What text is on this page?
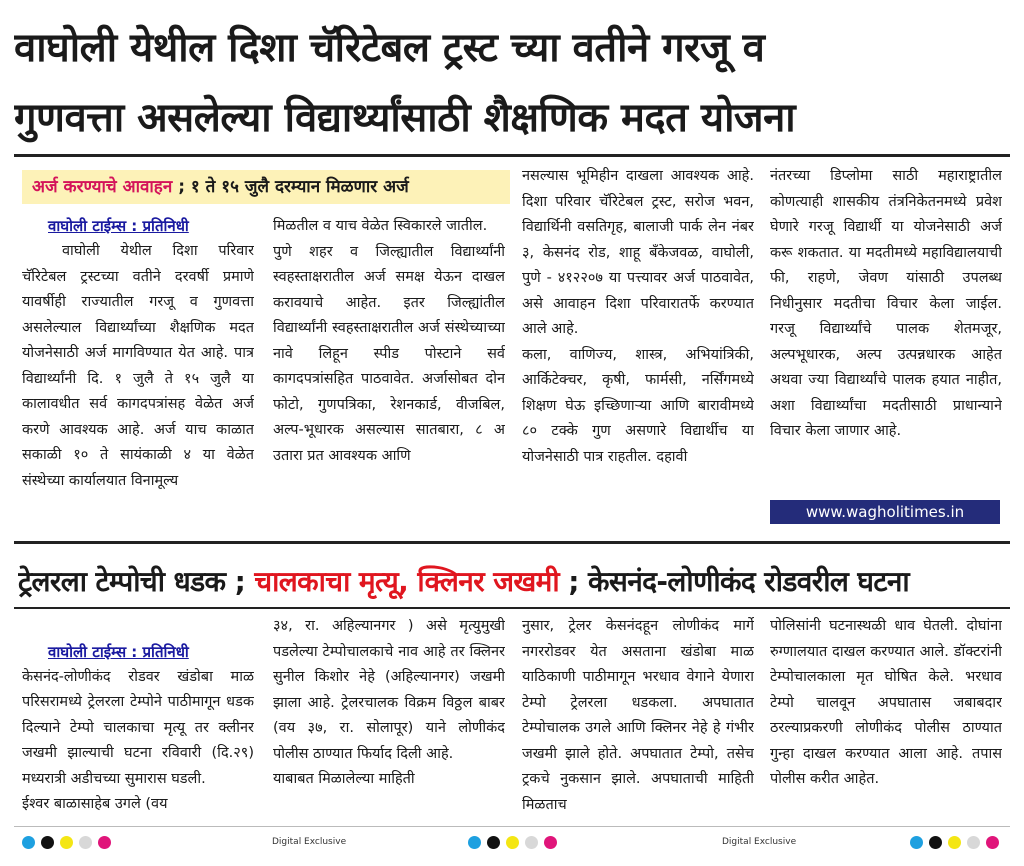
वाघोली येथील दिशा चॅरिटेबल ट्रस्ट च्या वतीने गरजू व
गुणवत्ता असलेल्या विद्यार्थ्यांसाठी शैक्षणिक मदत योजना
अर्ज करण्याचे आवाहन ; १ ते १५ जुलै दरम्यान मिळणार अर्ज
वाघोली टाईम्स : प्रतिनिधी
वाघोली येथील दिशा परिवार चॅरिटेबल ट्रस्टच्या वतीने दरवर्षी प्रमाणे यावर्षीही राज्यातील गरजू व गुणवत्ता असलेल्याल विद्यार्थ्यांच्या शैक्षणिक मदत योजनेसाठी अर्ज मागविण्यात येत आहे. पात्र विद्यार्थ्यांनी दि. १ जुलै ते १५ जुलै या कालावधीत सर्व कागदपत्रांसह वेळेत अर्ज करणे आवश्यक आहे. अर्ज याच काळात सकाळी १० ते सायंकाळी ४ या वेळेत संस्थेच्या कार्यालयात विनामूल्य
मिळतील व याच वेळेत स्विकारले जातील.
पुणे शहर व जिल्ह्यातील विद्यार्थ्यांनी स्वहस्ताक्षरातील अर्ज समक्ष येऊन दाखल करावयाचे आहेत. इतर जिल्ह्यांतील विद्यार्थ्यांनी स्वहस्ताक्षरातील अर्ज संस्थेच्याच्या नावे लिहून स्पीड पोस्टाने सर्व कागदपत्रांसहित पाठवावेत. अर्जासोबत दोन फोटो, गुणपत्रिका, रेशनकार्ड, वीजबिल, अल्प-भूधारक असल्यास सातबारा, ८ अ उतारा प्रत आवश्यक आणि
नसल्यास भूमिहीन दाखला आवश्यक आहे. दिशा परिवार चॅरिटेबल ट्रस्ट, सरोज भवन, विद्यार्थिनी वसतिगृह, बालाजी पार्क लेन नंबर ३, केसनंद रोड, शाहू बँकेजवळ, वाघोली, पुणे - ४१२२०७ या पत्त्यावर अर्ज पाठवावेत, असे आवाहन दिशा परिवारातर्फे करण्यात आले आहे.
कला, वाणिज्य, शास्त्र, अभियांत्रिकी, आर्किटेक्चर, कृषी, फार्मसी, नर्सिंगमध्ये शिक्षण घेऊ इच्छिणाऱ्या आणि बारावीमध्ये ८० टक्के गुण असणारे विद्यार्थीच या योजनेसाठी पात्र राहतील. दहावी
नंतरच्या डिप्लोमा साठी महाराष्ट्रातील कोणत्याही शासकीय तंत्रनिकेतनमध्ये प्रवेश घेणारे गरजू विद्यार्थी या योजनेसाठी अर्ज करू शकतात. या मदतीमध्ये महाविद्यालयाची फी, राहणे, जेवण यांसाठी उपलब्ध निधीनुसार मदतीचा विचार केला जाईल. गरजू विद्यार्थ्यांचे पालक शेतमजूर, अल्पभूधारक, अल्प उत्पन्नधारक आहेत अथवा ज्या विद्यार्थ्यांचे पालक हयात नाहीत, अशा विद्यार्थ्यांचा मदतीसाठी प्राधान्याने विचार केला जाणार आहे.
www.wagholitimes.in
ट्रेलरला टेम्पोची धडक ; चालकाचा मृत्यू, क्लिनर जखमी ; केसनंद-लोणीकंद रोडवरील घटना

वाघोली टाईम्स : प्रतिनिधी
केसनंद-लोणीकंद रोडवर खंडोबा माळ परिसरामध्ये ट्रेलरला टेम्पोने पाठीमागून धडक दिल्याने टेम्पो चालकाचा मृत्यू तर क्लीनर जखमी झाल्याची घटना रविवारी (दि.२९) मध्यरात्री अडीचच्या सुमारास घडली.
ईश्वर बाळासाहेब उगले (वय

३४, रा. अहिल्यानगर ) असे मृत्युमुखी पडलेल्या टेम्पोचालकाचे नाव आहे तर क्लिनर सुनील किशोर नेहे (अहिल्यानगर) जखमी झाला आहे. ट्रेलरचालक विक्रम विठ्ठल बाबर (वय ३७, रा. सोलापूर) याने लोणीकंद पोलीस ठाण्यात फिर्याद दिली आहे.
याबाबत मिळालेल्या माहिती
नुसार, ट्रेलर केसनंदहून लोणीकंद मार्गे नगररोडवर येत असताना खंडोबा माळ याठिकाणी पाठीमागून भरधाव वेगाने येणारा टेम्पो ट्रेलरला धडकला. अपघातात टेम्पोचालक उगले आणि क्लिनर नेहे हे गंभीर जखमी झाले होते. अपघातात टेम्पो, तसेच ट्रकचे नुकसान झाले. अपघाताची माहिती मिळताच
पोलिसांनी घटनास्थळी धाव घेतली. दोघांना रुग्णालयात दाखल करण्यात आले. डॉक्टरांनी टेम्पोचालकाला मृत घोषित केले. भरधाव टेम्पो चालवून अपघातास जबाबदार ठरल्याप्रकरणी लोणीकंद पोलीस ठाण्यात गुन्हा दाखल करण्यात आला आहे. तपास पोलीस करीत आहेत.
Digital Exclusive	Digital Exclusive
